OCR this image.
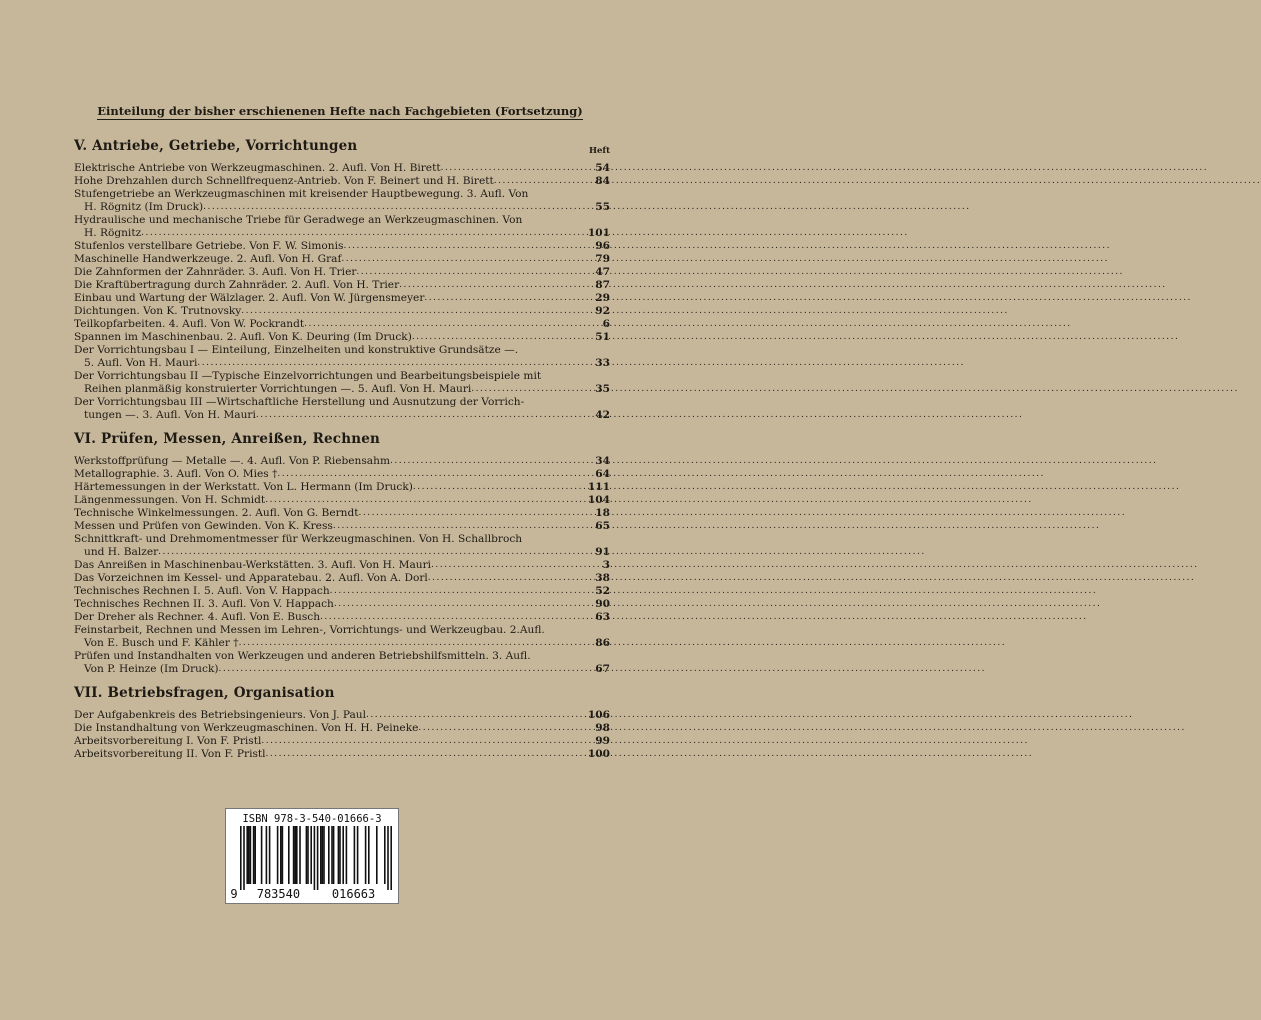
Einteilung der bisher erschienenen Hefte nach Fachgebieten (Fortsetzung)
V. Antriebe, Getriebe, Vorrichtungen	Heft
Elektrische Antriebe von Werkzeugmaschinen. 2. Aufl. Von H. Birett .....	54
Hohe Drehzahlen durch Schnellfrequenz-Antrieb. Von F. Beinert und H. Birett .....	84
Stufengetriebe an Werkzeugmaschinen mit kreisender Hauptbewegung. 3. Aufl. Von
H. Rögnitz (Im Druck) .....	55
Hydraulische und mechanische Triebe für Geradwege an Werkzeugmaschinen. Von
H. Rögnitz .....	101
Stufenlos verstellbare Getriebe. Von F. W. Simonis .....	96
Maschinelle Handwerkzeuge. 2. Aufl. Von H. Graf .....	79
Die Zahnformen der Zahnräder. 3. Aufl. Von H. Trier .....	47
Die Kraftübertragung durch Zahnräder. 2. Aufl. Von H. Trier .....	87
Einbau und Wartung der Wälzlager. 2. Aufl. Von W. Jürgensmeyer .....	29
Dichtungen. Von K. Trutnovsky .....	92
Teilkopfarbeiten. 4. Aufl. Von W. Pockrandt .....	6
Spannen im Maschinenbau. 2. Aufl. Von K. Deuring (Im Druck) .....	51
Der Vorrichtungsbau I — Einteilung, Einzelheiten und konstruktive Grundsätze —.
5. Aufl. Von H. Mauri .....	33
Der Vorrichtungsbau II —Typische Einzelvorrichtungen und Bearbeitungsbeispiele mit
Reihen planmäßig konstruierter Vorrichtungen —. 5. Aufl. Von H. Mauri .....	35
Der Vorrichtungsbau III —Wirtschaftliche Herstellung und Ausnutzung der Vorrich-
tungen —. 3. Aufl. Von H. Mauri .....	42
VI. Prüfen, Messen, Anreißen, Rechnen
Werkstoffprüfung — Metalle —. 4. Aufl. Von P. Riebensahm .....	34
Metallographie. 3. Aufl. Von O. Mies † .....	64
Härtemessungen in der Werkstatt. Von L. Hermann (Im Druck) .....	111
Längenmessungen. Von H. Schmidt .....	104
Technische Winkelmessungen. 2. Aufl. Von G. Berndt .....	18
Messen und Prüfen von Gewinden. Von K. Kress .....	65
Schnittkraft- und Drehmomentmesser für Werkzeugmaschinen. Von H. Schallbroch
und H. Balzer .....	91
Das Anreißen in Maschinenbau-Werkstätten. 3. Aufl. Von H. Mauri .....	3
Das Vorzeichnen im Kessel- und Apparatebau. 2. Aufl. Von A. Dorl .....	38
Technisches Rechnen I. 5. Aufl. Von V. Happach .....	52
Technisches Rechnen II. 3. Aufl. Von V. Happach .....	90
Der Dreher als Rechner. 4. Aufl. Von E. Busch .....	63
Feinstarbeit, Rechnen und Messen im Lehren-, Vorrichtungs- und Werkzeugbau. 2.Aufl.
Von E. Busch und F. Kähler † .....	86
Prüfen und Instandhalten von Werkzeugen und anderen Betriebshilfsmitteln. 3. Aufl.
Von P. Heinze (Im Druck) .....	67
VII. Betriebsfragen, Organisation
Der Aufgabenkreis des Betriebsingenieurs. Von J. Paul .....	106
Die Instandhaltung von Werkzeugmaschinen. Von H. H. Peineke .....	98
Arbeitsvorbereitung I. Von F. Pristl .....	99
Arbeitsvorbereitung II. Von F. Pristl .....	100
ISBN 978-3-540-01666-3
9 783540	016663
